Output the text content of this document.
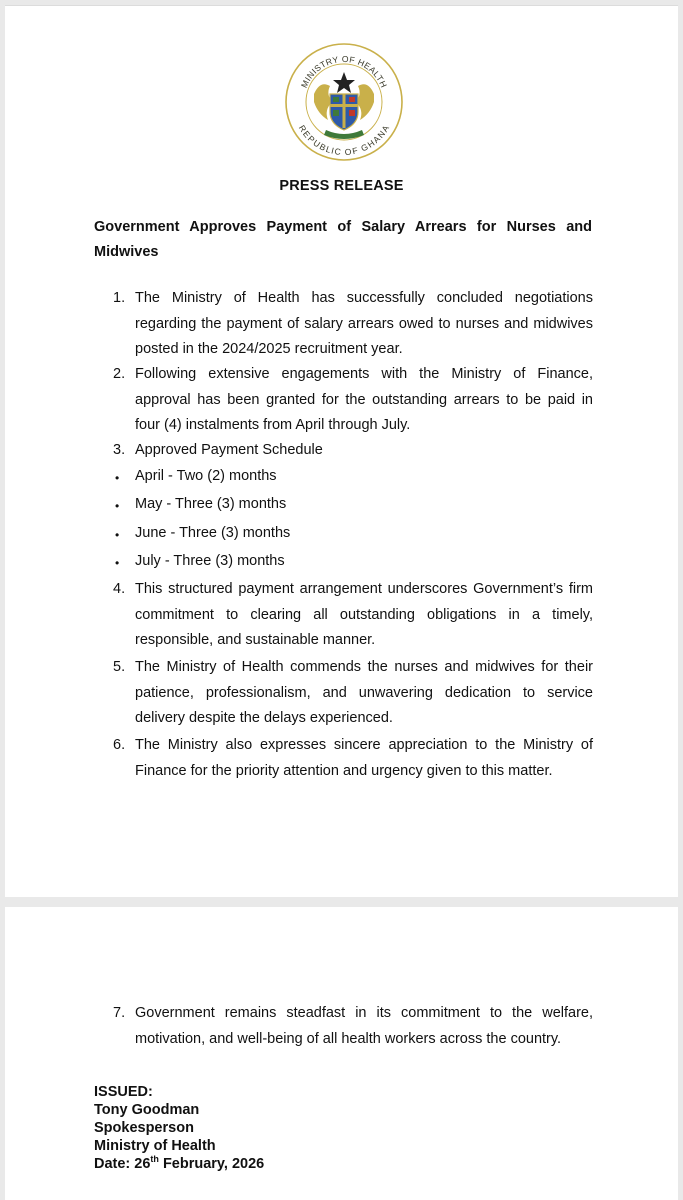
MINISTRY OF HEALTH
REPUBLIC OF GHANA
PRESS RELEASE
Government Approves Payment of Salary Arrears for Nurses and Midwives
1. The Ministry of Health has successfully concluded negotiations regarding the payment of salary arrears owed to nurses and midwives posted in the 2024/2025 recruitment year.
2. Following extensive engagements with the Ministry of Finance, approval has been granted for the outstanding arrears to be paid in four (4) instalments from April through July.
3. Approved Payment Schedule
•	April - Two (2) months
•	May - Three (3) months
•	June - Three (3) months
•	July - Three (3) months
4. This structured payment arrangement underscores Government’s firm commitment to clearing all outstanding obligations in a timely, responsible, and sustainable manner.
5. The Ministry of Health commends the nurses and midwives for their patience, professionalism, and unwavering dedication to service delivery despite the delays experienced.
6. The Ministry also expresses sincere appreciation to the Ministry of Finance for the priority attention and urgency given to this matter.
7. Government remains steadfast in its commitment to the welfare, motivation, and well-being of all health workers across the country.
ISSUED:
Tony Goodman
Spokesperson
Ministry of Health
Date: 26th February, 2026
